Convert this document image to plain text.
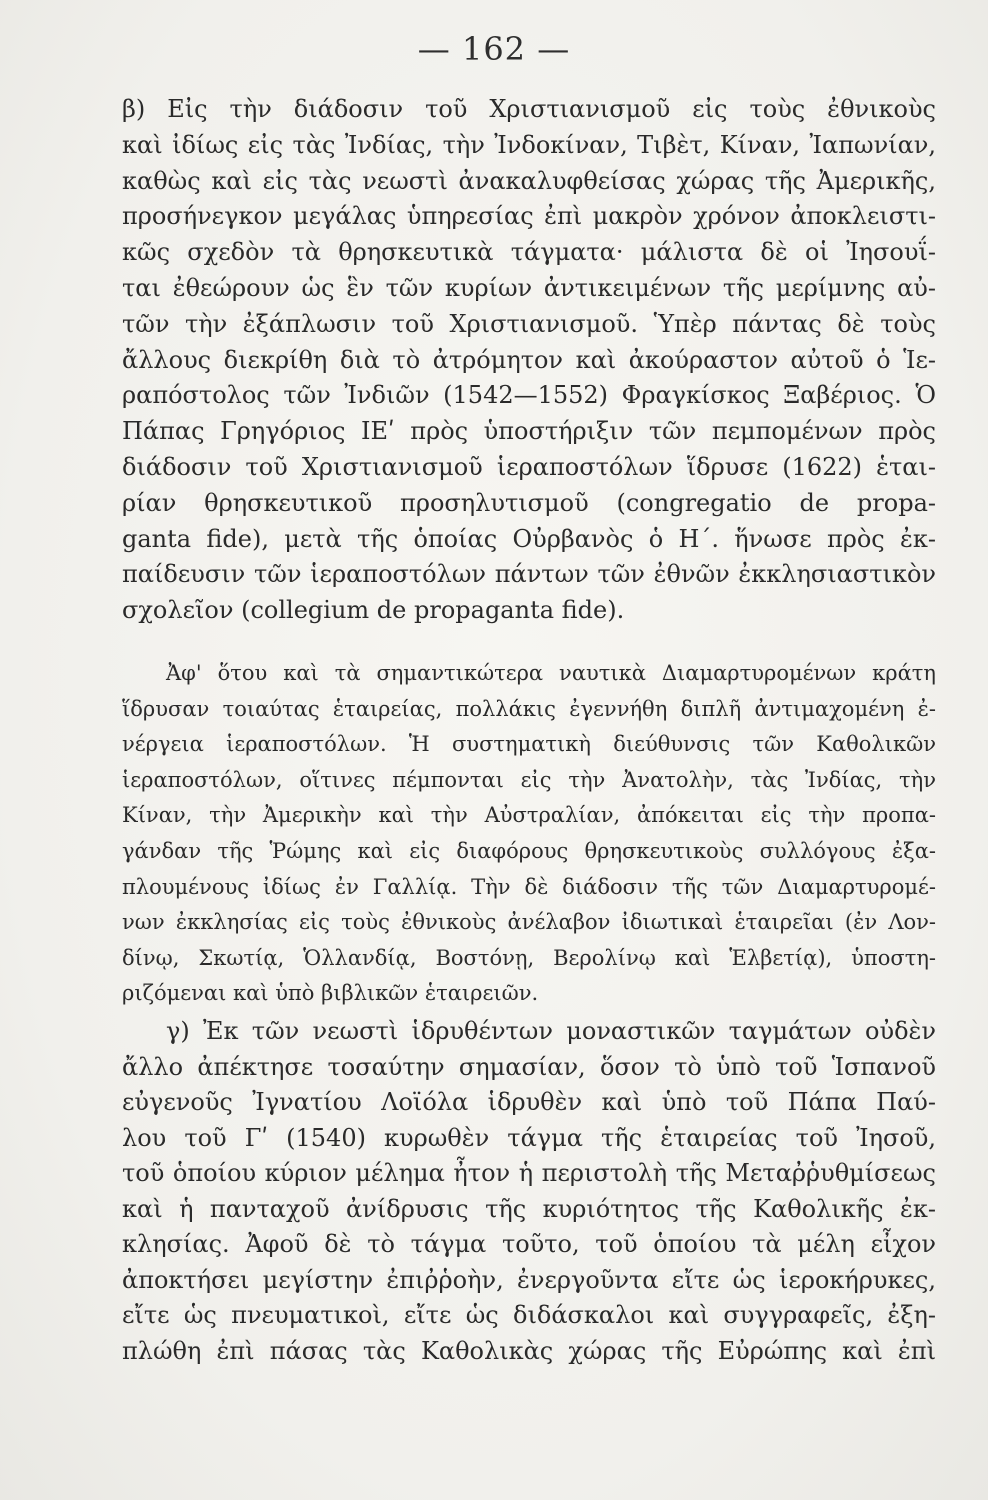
— 162 —
β) Εἰς τὴν διάδοσιν τοῦ Χριστιανισμοῦ εἰς τοὺς ἐθνικοὺς
καὶ ἰδίως εἰς τὰς Ἰνδίας, τὴν Ἰνδοκίναν, Τιβὲτ, Κίναν, Ἰαπωνίαν,
καθὼς καὶ εἰς τὰς νεωστὶ ἀνακαλυφθείσας χώρας τῆς Ἀμερικῆς,
προσήνεγκον μεγάλας ὑπηρεσίας ἐπὶ μακρὸν χρόνον ἀποκλειστι-
κῶς σχεδὸν τὰ θρησκευτικὰ τάγματα· μάλιστα δὲ οἱ Ἰησουΐ-
ται ἐθεώρουν ὡς ἓν τῶν κυρίων ἀντικειμένων τῆς μερίμνης αὐ-
τῶν τὴν ἐξάπλωσιν τοῦ Χριστιανισμοῦ. Ὑπὲρ πάντας δὲ τοὺς
ἄλλους διεκρίθη διὰ τὸ ἀτρόμητον καὶ ἀκούραστον αὐτοῦ ὁ Ἱε-
ραπόστολος τῶν Ἰνδιῶν (1542—1552) Φραγκίσκος Ξαβέριος. Ὁ
Πάπας Γρηγόριος ΙΕʹ πρὸς ὑποστήριξιν τῶν πεμπομένων πρὸς
διάδοσιν τοῦ Χριστιανισμοῦ ἱεραποστόλων ἵδρυσε (1622) ἑται-
ρίαν θρησκευτικοῦ προσηλυτισμοῦ (congregatio de propa-
ganta fide), μετὰ τῆς ὁποίας Οὐρβανὸς ὁ Η΄. ἥνωσε πρὸς ἐκ-
παίδευσιν τῶν ἱεραποστόλων πάντων τῶν ἐθνῶν ἐκκλησιαστικὸν
σχολεῖον (collegium de propaganta fide).
Ἀφ' ὅτου καὶ τὰ σημαντικώτερα ναυτικὰ Διαμαρτυρομένων κράτη
ἵδρυσαν τοιαύτας ἑταιρείας, πολλάκις ἐγεννήθη διπλῆ ἀντιμαχομένη ἐ-
νέργεια ἱεραποστόλων. Ἡ συστηματικὴ διεύθυνσις τῶν Καθολικῶν
ἱεραποστόλων, οἵτινες πέμπονται εἰς τὴν Ἀνατολὴν, τὰς Ἰνδίας, τὴν
Κίναν, τὴν Ἀμερικὴν καὶ τὴν Αὐστραλίαν, ἀπόκειται εἰς τὴν προπα-
γάνδαν τῆς Ῥώμης καὶ εἰς διαφόρους θρησκευτικοὺς συλλόγους ἐξα-
πλουμένους ἰδίως ἐν Γαλλίᾳ. Τὴν δὲ διάδοσιν τῆς τῶν Διαμαρτυρομέ-
νων ἐκκλησίας εἰς τοὺς ἐθνικοὺς ἀνέλαβον ἰδιωτικαὶ ἑταιρεῖαι (ἐν Λον-
δίνῳ, Σκωτίᾳ, Ὁλλανδίᾳ, Βοστόνῃ, Βερολίνῳ καὶ Ἑλβετίᾳ), ὑποστη-
ριζόμεναι καὶ ὑπὸ βιβλικῶν ἑταιρειῶν.
γ) Ἐκ τῶν νεωστὶ ἱδρυθέντων μοναστικῶν ταγμάτων οὐδὲν
ἄλλο ἀπέκτησε τοσαύτην σημασίαν, ὅσον τὸ ὑπὸ τοῦ Ἱσπανοῦ
εὐγενοῦς Ἰγνατίου Λοϊόλα ἱδρυθὲν καὶ ὑπὸ τοῦ Πάπα Παύ-
λου τοῦ Γʹ (1540) κυρωθὲν τάγμα τῆς ἑταιρείας τοῦ Ἰησοῦ,
τοῦ ὁποίου κύριον μέλημα ἦτον ἡ περιστολὴ τῆς Μεταῤῥυθμίσεως
καὶ ἡ πανταχοῦ ἀνίδρυσις τῆς κυριότητος τῆς Καθολικῆς ἐκ-
κλησίας. Ἀφοῦ δὲ τὸ τάγμα τοῦτο, τοῦ ὁποίου τὰ μέλη εἶχον
ἀποκτήσει μεγίστην ἐπιῤῥοὴν, ἐνεργοῦντα εἴτε ὡς ἱεροκήρυκες,
εἴτε ὡς πνευματικοὶ, εἴτε ὡς διδάσκαλοι καὶ συγγραφεῖς, ἐξη-
πλώθη ἐπὶ πάσας τὰς Καθολικὰς χώρας τῆς Εὐρώπης καὶ ἐπὶ
